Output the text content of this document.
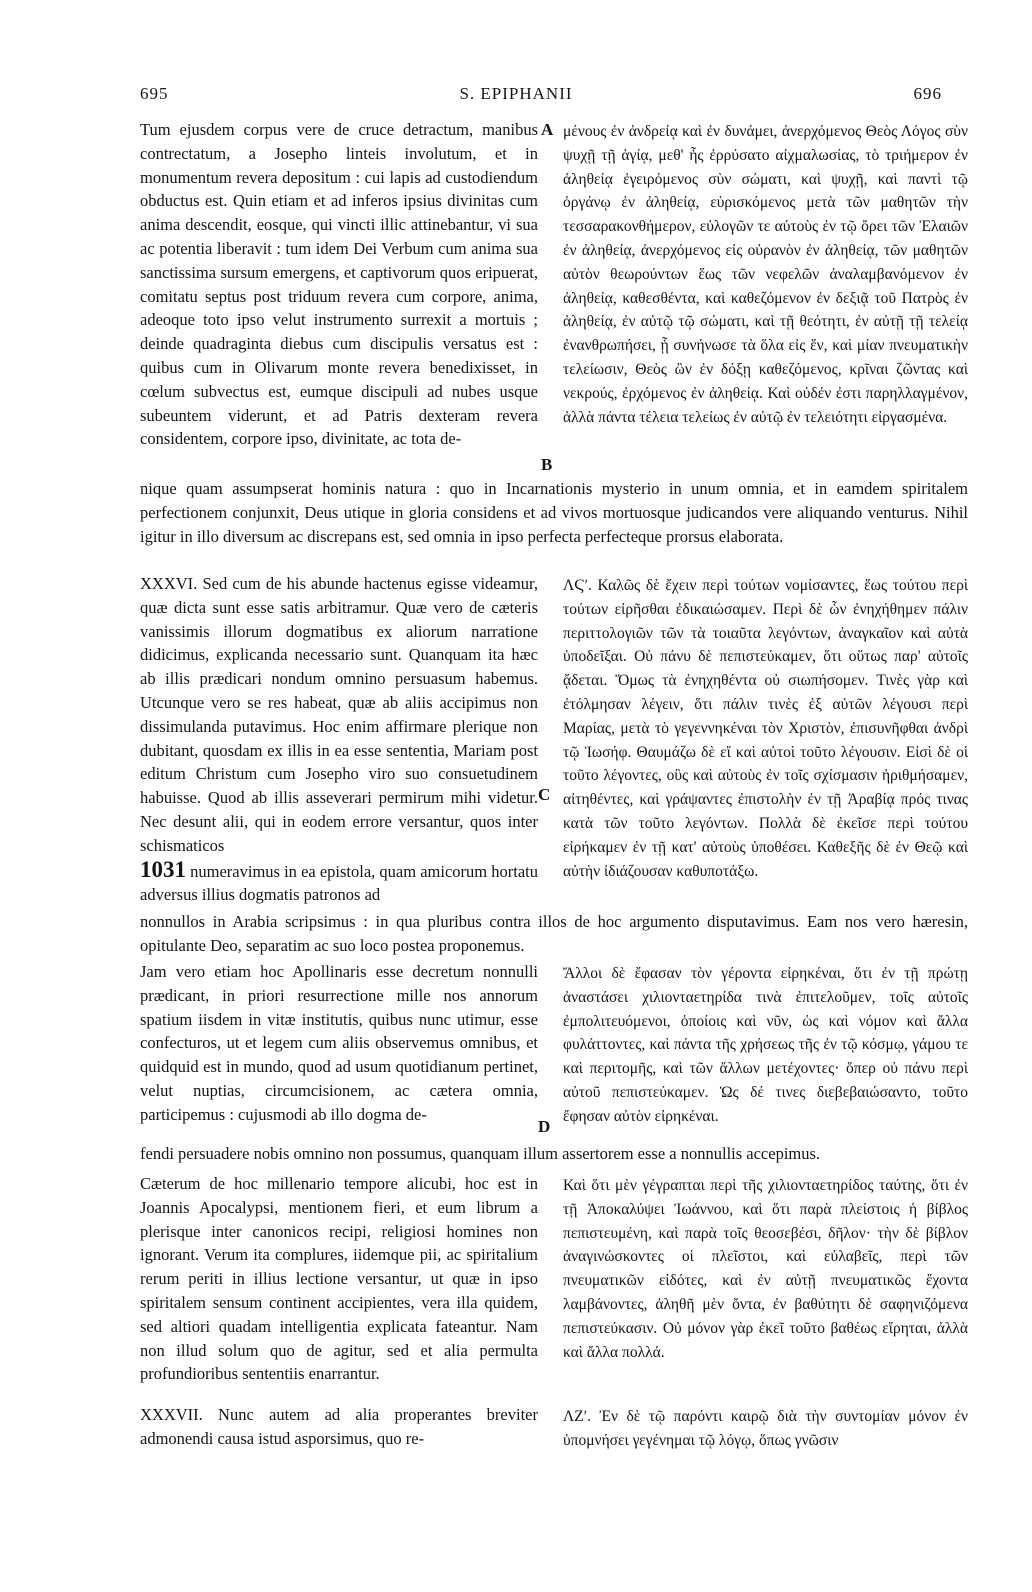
695	S. EPIPHANII	696

Tum ejusdem corpus vere de cruce detractum, manibus contrectatum, a Josepho linteis involutum, et in monumentum revera depositum : cui lapis ad custodiendum obductus est. Quin etiam et ad inferos ipsius divinitas cum anima descendit, eosque, qui vincti illic attinebantur, vi sua ac potentia liberavit : tum idem Dei Verbum cum anima sua sanctissima sursum emergens, et captivorum quos eripuerat, comitatu septus post triduum revera cum corpore, anima, adeoque toto ipso velut instrumento surrexit a mortuis ; deinde quadraginta diebus cum discipulis versatus est : quibus cum in Olivarum monte revera benedixisset, in cœlum subvectus est, eumque discipuli ad nubes usque subeuntem viderunt, et ad Patris dexteram revera considentem, corpore ipso, divinitate, ac tota de-

A μένους ἐν ἀνδρείᾳ καὶ ἐν δυνάμει, ἀνερχόμενος Θεὸς Λόγος σὺν ψυχῇ τῇ ἁγίᾳ, μεθ' ἧς ἐρρύσατο αἰχμαλωσίας, τὸ τριήμερον ἐν ἀληθείᾳ ἐγειρόμενος σὺν σώματι, καὶ ψυχῇ, καὶ παντὶ τῷ ὀργάνῳ ἐν ἀληθείᾳ, εὑρισκόμενος μετὰ τῶν μαθητῶν τὴν τεσσαρακονθήμερον, εὐλογῶν τε αὐτοὺς ἐν τῷ ὄρει τῶν Ἐλαιῶν ἐν ἀληθείᾳ, ἀνερχόμενος εἰς οὐρανὸν ἐν ἀληθείᾳ, τῶν μαθητῶν αὐτὸν θεωρούντων ἕως τῶν νεφελῶν ἀναλαμβανόμενον ἐν ἀληθείᾳ, καθεσθέντα, καὶ καθεζόμενον ἐν δεξιᾷ τοῦ Πατρὸς ἐν ἀληθείᾳ, ἐν αὐτῷ τῷ σώματι, καὶ τῇ θεότητι, ἐν αὐτῇ τῇ τελείᾳ ἐνανθρωπήσει, ᾗ συνήνωσε τὰ ὅλα εἰς ἕν, καὶ μίαν πνευματικὴν τελείωσιν, Θεὸς ὢν ἐν δόξῃ καθεζόμενος, κρῖναι ζῶντας καὶ νεκρούς, ἐρχόμενος ἐν ἀληθείᾳ. Καὶ οὐδέν ἐστι παρηλλαγμένον, ἀλλὰ πάντα τέλεια τελείως ἐν αὐτῷ ἐν τελειότητι εἰργασμένα.

B

nique quam assumpserat hominis natura : quo in Incarnationis mysterio in unum omnia, et in eamdem spiritalem perfectionem conjunxit, Deus utique in gloria considens et ad vivos mortuosque judicandos vere aliquando venturus. Nihil igitur in illo diversum ac discrepans est, sed omnia in ipso perfecta perfecteque prorsus elaborata.

XXXVI. Sed cum de his abunde hactenus egisse videamur, quæ dicta sunt esse satis arbitramur. Quæ vero de cæteris vanissimis illorum dogmatibus ex aliorum narratione didicimus, explicanda necessario sunt. Quanquam ita hæc ab illis prædicari nondum omnino persuasum habemus. Utcunque vero se res habeat, quæ ab aliis accipimus non dissimulanda putavimus. Hoc enim affirmare plerique non dubitant, quosdam ex illis in ea esse sententia, Mariam post editum Christum cum Josepho viro suo consuetudinem habuisse. Quod ab illis asseverari permirum mihi videtur. Nec desunt alii, qui in eodem errore versantur, quos inter schismaticos

1031 numeravimus in ea epistola, quam amicorum hortatu adversus illius dogmatis patronos ad

C

ΛϚʹ. Καλῶς δὲ ἔχειν περὶ τούτων νομίσαντες, ἕως τούτου περὶ τούτων εἰρῆσθαι ἐδικαιώσαμεν. Περὶ δὲ ὧν ἐνηχήθημεν πάλιν περιττολογιῶν τῶν τὰ τοιαῦτα λεγόντων, ἀναγκαῖον καὶ αὐτὰ ὑποδεῖξαι. Οὐ πάνυ δὲ πεπιστεύκαμεν, ὅτι οὕτως παρ' αὐτοῖς ᾄδεται. Ὅμως τὰ ἐνηχηθέντα οὐ σιωπήσομεν. Τινὲς γὰρ καὶ ἐτόλμησαν λέγειν, ὅτι πάλιν τινὲς ἐξ αὐτῶν λέγουσι περὶ Μαρίας, μετὰ τὸ γεγεννηκέναι τὸν Χριστὸν, ἐπισυνῆφθαι ἀνδρὶ τῷ Ἰωσήφ. Θαυμάζω δὲ εἴ καὶ αὐτοὶ τοῦτο λέγουσιν. Εἰσὶ δὲ οἱ τοῦτο λέγοντες, οὓς καὶ αὐτοὺς ἐν τοῖς σχίσμασιν ἠριθμήσαμεν, αἰτηθέντες, καὶ γράψαντες ἐπιστολὴν ἐν τῇ Ἀραβίᾳ πρός τινας κατὰ τῶν τοῦτο λεγόντων. Πολλὰ δὲ ἐκεῖσε περὶ τούτου εἰρήκαμεν ἐν τῇ κατ' αὐτοὺς ὑποθέσει. Καθεξῆς δὲ ἐν Θεῷ καὶ αὐτὴν ἰδιάζουσαν καθυποτάξω.

nonnullos in Arabia scripsimus : in qua pluribus contra illos de hoc argumento disputavimus. Eam nos vero hæresin, opitulante Deo, separatim ac suo loco postea proponemus.

Jam vero etiam hoc Apollinaris esse decretum nonnulli prædicant, in priori resurrectione mille nos annorum spatium iisdem in vitæ institutis, quibus nunc utimur, esse confecturos, ut et legem cum aliis observemus omnibus, et quidquid est in mundo, quod ad usum quotidianum pertinet, velut nuptias, circumcisionem, ac cætera omnia, participemus : cujusmodi ab illo dogma de-

D

Ἄλλοι δὲ ἔφασαν τὸν γέροντα εἰρηκέναι, ὅτι ἐν τῇ πρώτῃ ἀναστάσει χιλιονταετηρίδα τινὰ ἐπιτελοῦμεν, τοῖς αὐτοῖς ἐμπολιτευόμενοι, ὁποίοις καὶ νῦν, ὡς καὶ νόμον καὶ ἄλλα φυλάττοντες, καὶ πάντα τῆς χρήσεως τῆς ἐν τῷ κόσμῳ, γάμου τε καὶ περιτομῆς, καὶ τῶν ἄλλων μετέχοντες· ὅπερ οὐ πάνυ περὶ αὐτοῦ πεπιστεύκαμεν. Ὡς δέ τινες διεβεβαιώσαντο, τοῦτο ἔφησαν αὐτὸν εἰρηκέναι.

fendi persuadere nobis omnino non possumus, quanquam illum assertorem esse a nonnullis accepimus.

Cæterum de hoc millenario tempore alicubi, hoc est in Joannis Apocalypsi, mentionem fieri, et eum librum a plerisque inter canonicos recipi, religiosi homines non ignorant. Verum ita complures, iidemque pii, ac spiritalium rerum periti in illius lectione versantur, ut quæ in ipso spiritalem sensum continent accipientes, vera illa quidem, sed altiori quadam intelligentia explicata fateantur. Nam non illud solum quo de agitur, sed et alia permulta profundioribus sententiis enarrantur.

Καὶ ὅτι μὲν γέγραπται περὶ τῆς χιλιονταετηρίδος ταύτης, ὅτι ἐν τῇ Ἀποκαλύψει Ἰωάννου, καὶ ὅτι παρὰ πλείστοις ἡ βίβλος πεπιστευμένη, καὶ παρὰ τοῖς θεοσεβέσι, δῆλον· τὴν δὲ βίβλον ἀναγινώσκοντες οἱ πλεῖστοι, καὶ εὐλαβεῖς, περὶ τῶν πνευματικῶν εἰδότες, καὶ ἐν αὐτῇ πνευματικῶς ἔχοντα λαμβάνοντες, ἀληθῆ μὲν ὄντα, ἐν βαθύτητι δὲ σαφηνιζόμενα πεπιστεύκασιν. Οὐ μόνον γὰρ ἐκεῖ τοῦτο βαθέως εἴρηται, ἀλλὰ καὶ ἄλλα πολλά.

XXXVII. Nunc autem ad alia properantes breviter admonendi causa istud asporsimus, quo re-

ΛΖʹ. Ἐν δὲ τῷ παρόντι καιρῷ διὰ τὴν συντομίαν μόνον ἐν ὑπομνήσει γεγένημαι τῷ λόγῳ, ὅπως γνῶσιν
